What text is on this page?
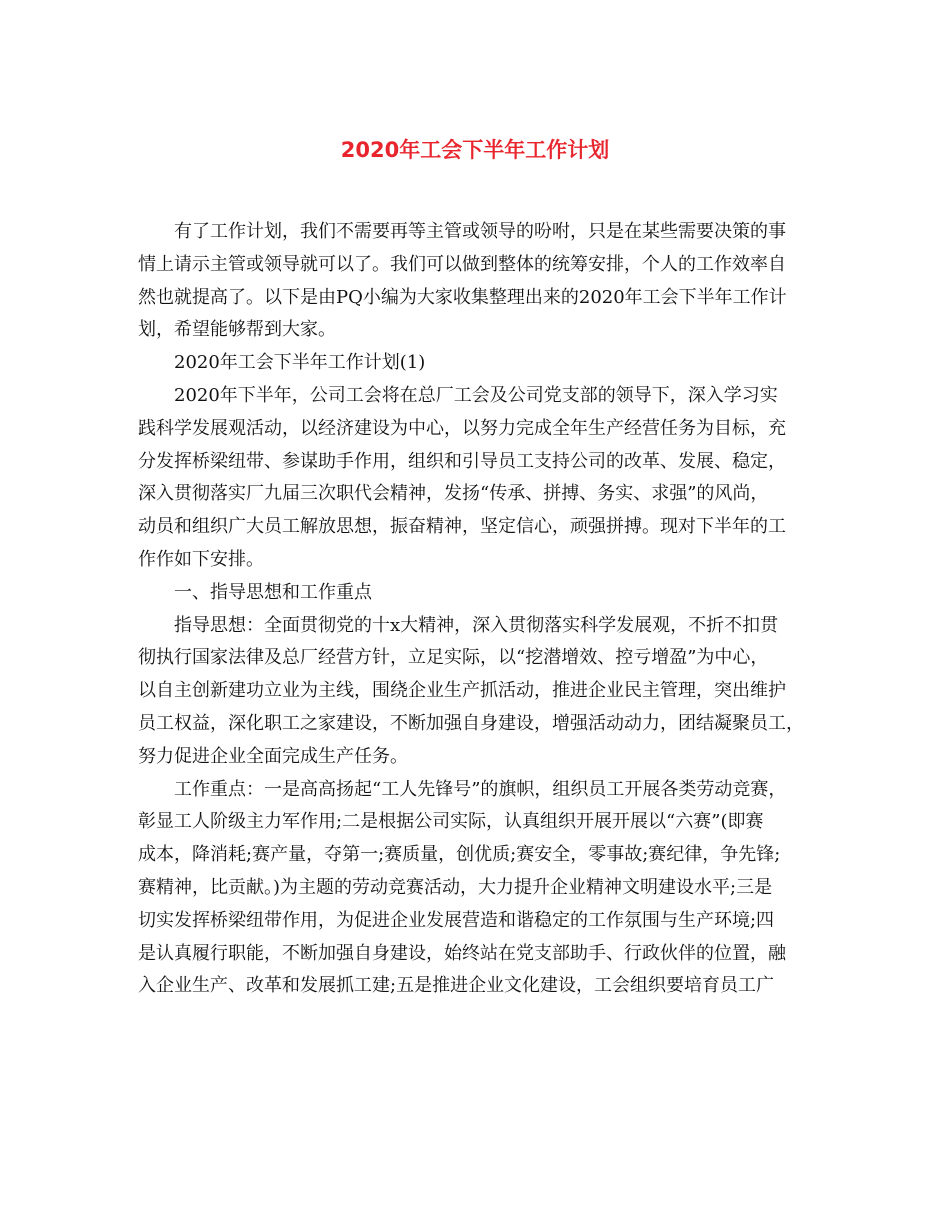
2020年工会下半年工作计划
有了工作计划，我们不需要再等主管或领导的吩咐，只是在某些需要决策的事
情上请示主管或领导就可以了。我们可以做到整体的统筹安排，个人的工作效率自
然也就提高了。以下是由PQ小编为大家收集整理出来的2020年工会下半年工作计
划，希望能够帮到大家。
2020年工会下半年工作计划(1)
2020年下半年，公司工会将在总厂工会及公司党支部的领导下，深入学习实
践科学发展观活动，以经济建设为中心，以努力完成全年生产经营任务为目标，充
分发挥桥梁纽带、参谋助手作用，组织和引导员工支持公司的改革、发展、稳定，
深入贯彻落实厂九届三次职代会精神，发扬“传承、拼搏、务实、求强”的风尚，
动员和组织广大员工解放思想，振奋精神，坚定信心，顽强拼搏。现对下半年的工
作作如下安排。
一、指导思想和工作重点
指导思想：全面贯彻党的十x大精神，深入贯彻落实科学发展观，不折不扣贯
彻执行国家法律及总厂经营方针，立足实际，以“挖潜增效、控亏增盈”为中心，
以自主创新建功立业为主线，围绕企业生产抓活动，推进企业民主管理，突出维护
员工权益，深化职工之家建设，不断加强自身建设，增强活动动力，团结凝聚员工，
努力促进企业全面完成生产任务。
工作重点：一是高高扬起“工人先锋号”的旗帜，组织员工开展各类劳动竞赛，
彰显工人阶级主力军作用;二是根据公司实际，认真组织开展开展以“六赛”(即赛
成本，降消耗;赛产量，夺第一;赛质量，创优质;赛安全，零事故;赛纪律，争先锋;
赛精神，比贡献。)为主题的劳动竞赛活动，大力提升企业精神文明建设水平;三是
切实发挥桥梁纽带作用，为促进企业发展营造和谐稳定的工作氛围与生产环境;四
是认真履行职能，不断加强自身建设，始终站在党支部助手、行政伙伴的位置，融
入企业生产、改革和发展抓工建;五是推进企业文化建设，工会组织要培育员工广
